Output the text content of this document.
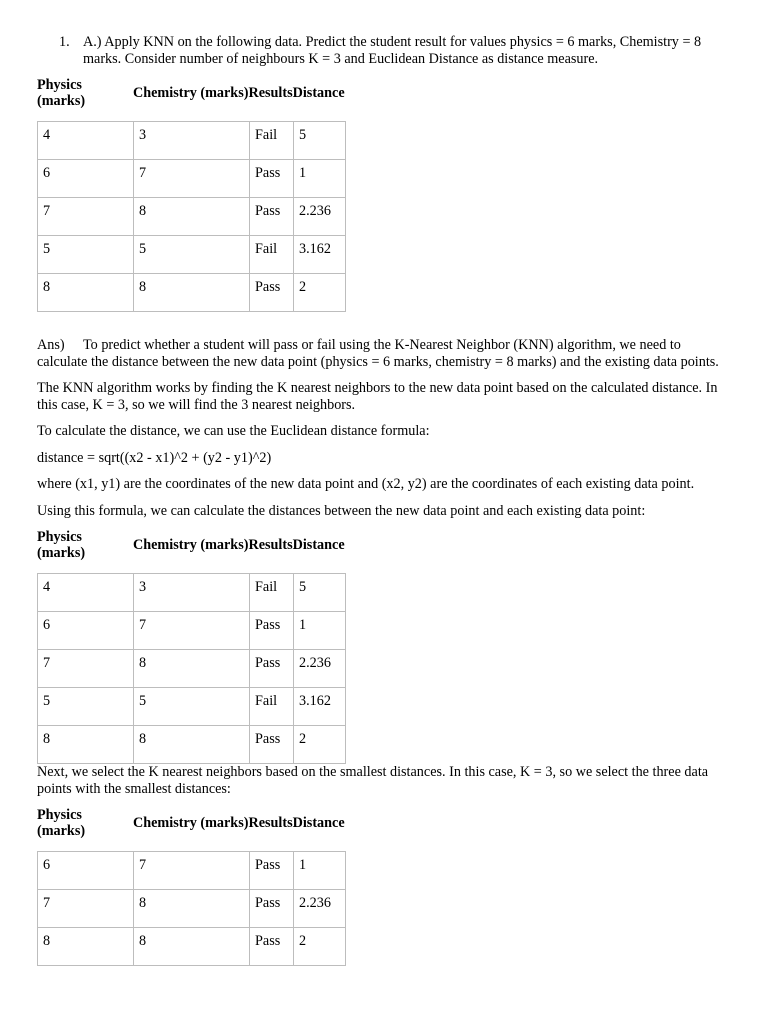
1. A.) Apply KNN on the following data. Predict the student result for values physics = 6 marks, Chemistry = 8 marks. Consider number of neighbours K = 3 and Euclidean Distance as distance measure.
Physics (marks)	Chemistry (marks) Results Distance
4	3	Fail	5
6	7	Pass	1
7	8	Pass	2.236
5	5	Fail	3.162
8	8	Pass	2

Ans) To predict whether a student will pass or fail using the K-Nearest Neighbor (KNN) algorithm, we need to calculate the distance between the new data point (physics = 6 marks, chemistry = 8 marks) and the existing data points.

The KNN algorithm works by finding the K nearest neighbors to the new data point based on the calculated distance. In this case, K = 3, so we will find the 3 nearest neighbors.

To calculate the distance, we can use the Euclidean distance formula:

distance = sqrt((x2 - x1)^2 + (y2 - y1)^2)

where (x1, y1) are the coordinates of the new data point and (x2, y2) are the coordinates of each existing data point.

Using this formula, we can calculate the distances between the new data point and each existing data point:

Physics (marks)	Chemistry (marks) Results Distance
4	3	Fail	5
6	7	Pass	1
7	8	Pass	2.236
5	5	Fail	3.162
8	8	Pass	2

Next, we select the K nearest neighbors based on the smallest distances. In this case, K = 3, so we select the three data points with the smallest distances:

Physics (marks)	Chemistry (marks) Results Distance
6	7	Pass	1
7	8	Pass	2.236
8	8	Pass	2
